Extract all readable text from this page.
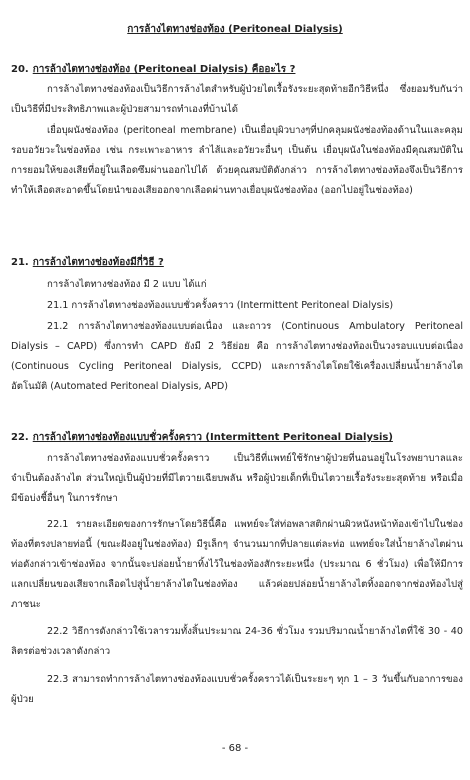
การล้างไตทางช่องท้อง (Peritoneal Dialysis)
20. การล้างไตทางช่องท้อง (Peritoneal Dialysis) คืออะไร ?

การล้างไตทางช่องท้องเป็นวิธีการล้างไตสำหรับผู้ป่วยไตเรื้อรังระยะสุดท้ายอีกวิธีหนึ่ง ซึ่งยอมรับกันว่าเป็นวิธีที่มีประสิทธิภาพและผู้ป่วยสามารถทำเองที่บ้านได้

เยื่อบุผนังช่องท้อง (peritoneal membrane) เป็นเยื่อบุผิวบางๆที่ปกคลุมผนังช่องท้องด้านในและคลุมรอบอวัยวะในช่องท้อง เช่น กระเพาะอาหาร ลำไส้และอวัยวะอื่นๆ เป็นต้น เยื่อบุผนังในช่องท้องมีคุณสมบัติในการยอมให้ของเสียที่อยู่ในเลือดซึมผ่านออกไปได้ ด้วยคุณสมบัติดังกล่าว การล้างไตทางช่องท้องจึงเป็นวิธีการทำให้เลือดสะอาดขึ้นโดยนำของเสียออกจากเลือดผ่านทางเยื่อบุผนังช่องท้อง (ออกไปอยู่ในช่องท้อง)

21. การล้างไตทางช่องท้องมีกี่วิธี ?

การล้างไตทางช่องท้อง มี 2 แบบ ได้แก่

21.1 การล้างไตทางช่องท้องแบบชั่วครั้งคราว (Intermittent Peritoneal Dialysis)

21.2 การล้างไตทางช่องท้องแบบต่อเนื่อง และถาวร (Continuous Ambulatory Peritoneal Dialysis – CAPD) ซึ่งการทำ CAPD ยังมี 2 วิธีย่อย คือ การล้างไตทางช่องท้องเป็นวงรอบแบบต่อเนื่อง (Continuous Cycling Peritoneal Dialysis, CCPD) และการล้างไตโดยใช้เครื่องเปลี่ยนน้ำยาล้างไตอัตโนมัติ (Automated Peritoneal Dialysis, APD)

22. การล้างไตทางช่องท้องแบบชั่วครั้งคราว (Intermittent Peritoneal Dialysis)

การล้างไตทางช่องท้องแบบชั่วครั้งคราว เป็นวิธีที่แพทย์ใช้รักษาผู้ป่วยที่นอนอยู่ในโรงพยาบาลและจำเป็นต้องล้างไต ส่วนใหญ่เป็นผู้ป่วยที่มีไตวายเฉียบพลัน หรือผู้ป่วยเด็กที่เป็นไตวายเรื้อรังระยะสุดท้าย หรือเมื่อมีข้อบ่งชี้อื่นๆ ในการรักษา

22.1 รายละเอียดของการรักษาโดยวิธีนี้คือ แพทย์จะใส่ท่อพลาสติกผ่านผิวหนังหน้าท้องเข้าไปในช่องท้องที่ตรงปลายท่อนี้ (ขณะฝังอยู่ในช่องท้อง) มีรูเล็กๆ จำนวนมากที่ปลายแต่ละท่อ แพทย์จะใส่น้ำยาล้างไตผ่านท่อดังกล่าวเข้าช่องท้อง จากนั้นจะปล่อยน้ำยาทิ้งไว้ในช่องท้องสักระยะหนึ่ง (ประมาณ 6 ชั่วโมง) เพื่อให้มีการแลกเปลี่ยนของเสียจากเลือดไปสู่น้ำยาล้างไตในช่องท้อง แล้วค่อยปล่อยน้ำยาล้างไตทิ้งออกจากช่องท้องไปสู่ภาชนะ

22.2 วิธีการดังกล่าวใช้เวลารวมทั้งสิ้นประมาณ 24-36 ชั่วโมง รวมปริมาณน้ำยาล้างไตที่ใช้ 30 - 40 ลิตรต่อช่วงเวลาดังกล่าว

22.3 สามารถทำการล้างไตทางช่องท้องแบบชั่วครั้งคราวได้เป็นระยะๆ ทุก 1 – 3 วันขึ้นกับอาการของผู้ป่วย

- 68 -
